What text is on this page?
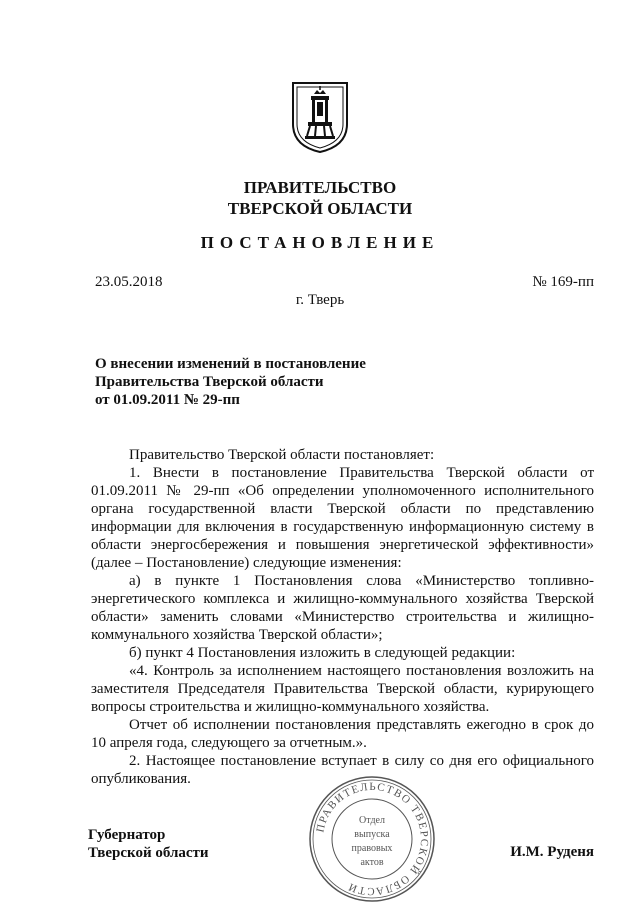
ПРАВИТЕЛЬСТВО
ТВЕРСКОЙ ОБЛАСТИ
ПОСТАНОВЛЕНИЕ
23.05.2018	№ 169-пп
г. Тверь
О внесении изменений в постановление
Правительства Тверской области
от 01.09.2011 № 29-пп

Правительство Тверской области постановляет:

1. Внести в постановление Правительства Тверской области от 01.09.2011 № 29-пп «Об определении уполномоченного исполнительного органа государственной власти Тверской области по представлению информации для включения в государственную информационную систему в области энергосбережения и повышения энергетической эффективности» (далее – Постановление) следующие изменения:

а) в пункте 1 Постановления слова «Министерство топливно-энергетического комплекса и жилищно-коммунального хозяйства Тверской области» заменить словами «Министерство строительства и жилищно-коммунального хозяйства Тверской области»;

б) пункт 4 Постановления изложить в следующей редакции:

«4. Контроль за исполнением настоящего постановления возложить на заместителя Председателя Правительства Тверской области, курирующего вопросы строительства и жилищно-коммунального хозяйства.

Отчет об исполнении постановления представлять ежегодно в срок до 10 апреля года, следующего за отчетным.».

2. Настоящее постановление вступает в силу со дня его официального опубликования.

ПРАВИТЕЛЬСТВО ТВЕРСКОЙ ОБЛАСТИ
Отдел
выпуска
правовых
актов
Губернатор
Тверской области	И.М. Руденя
